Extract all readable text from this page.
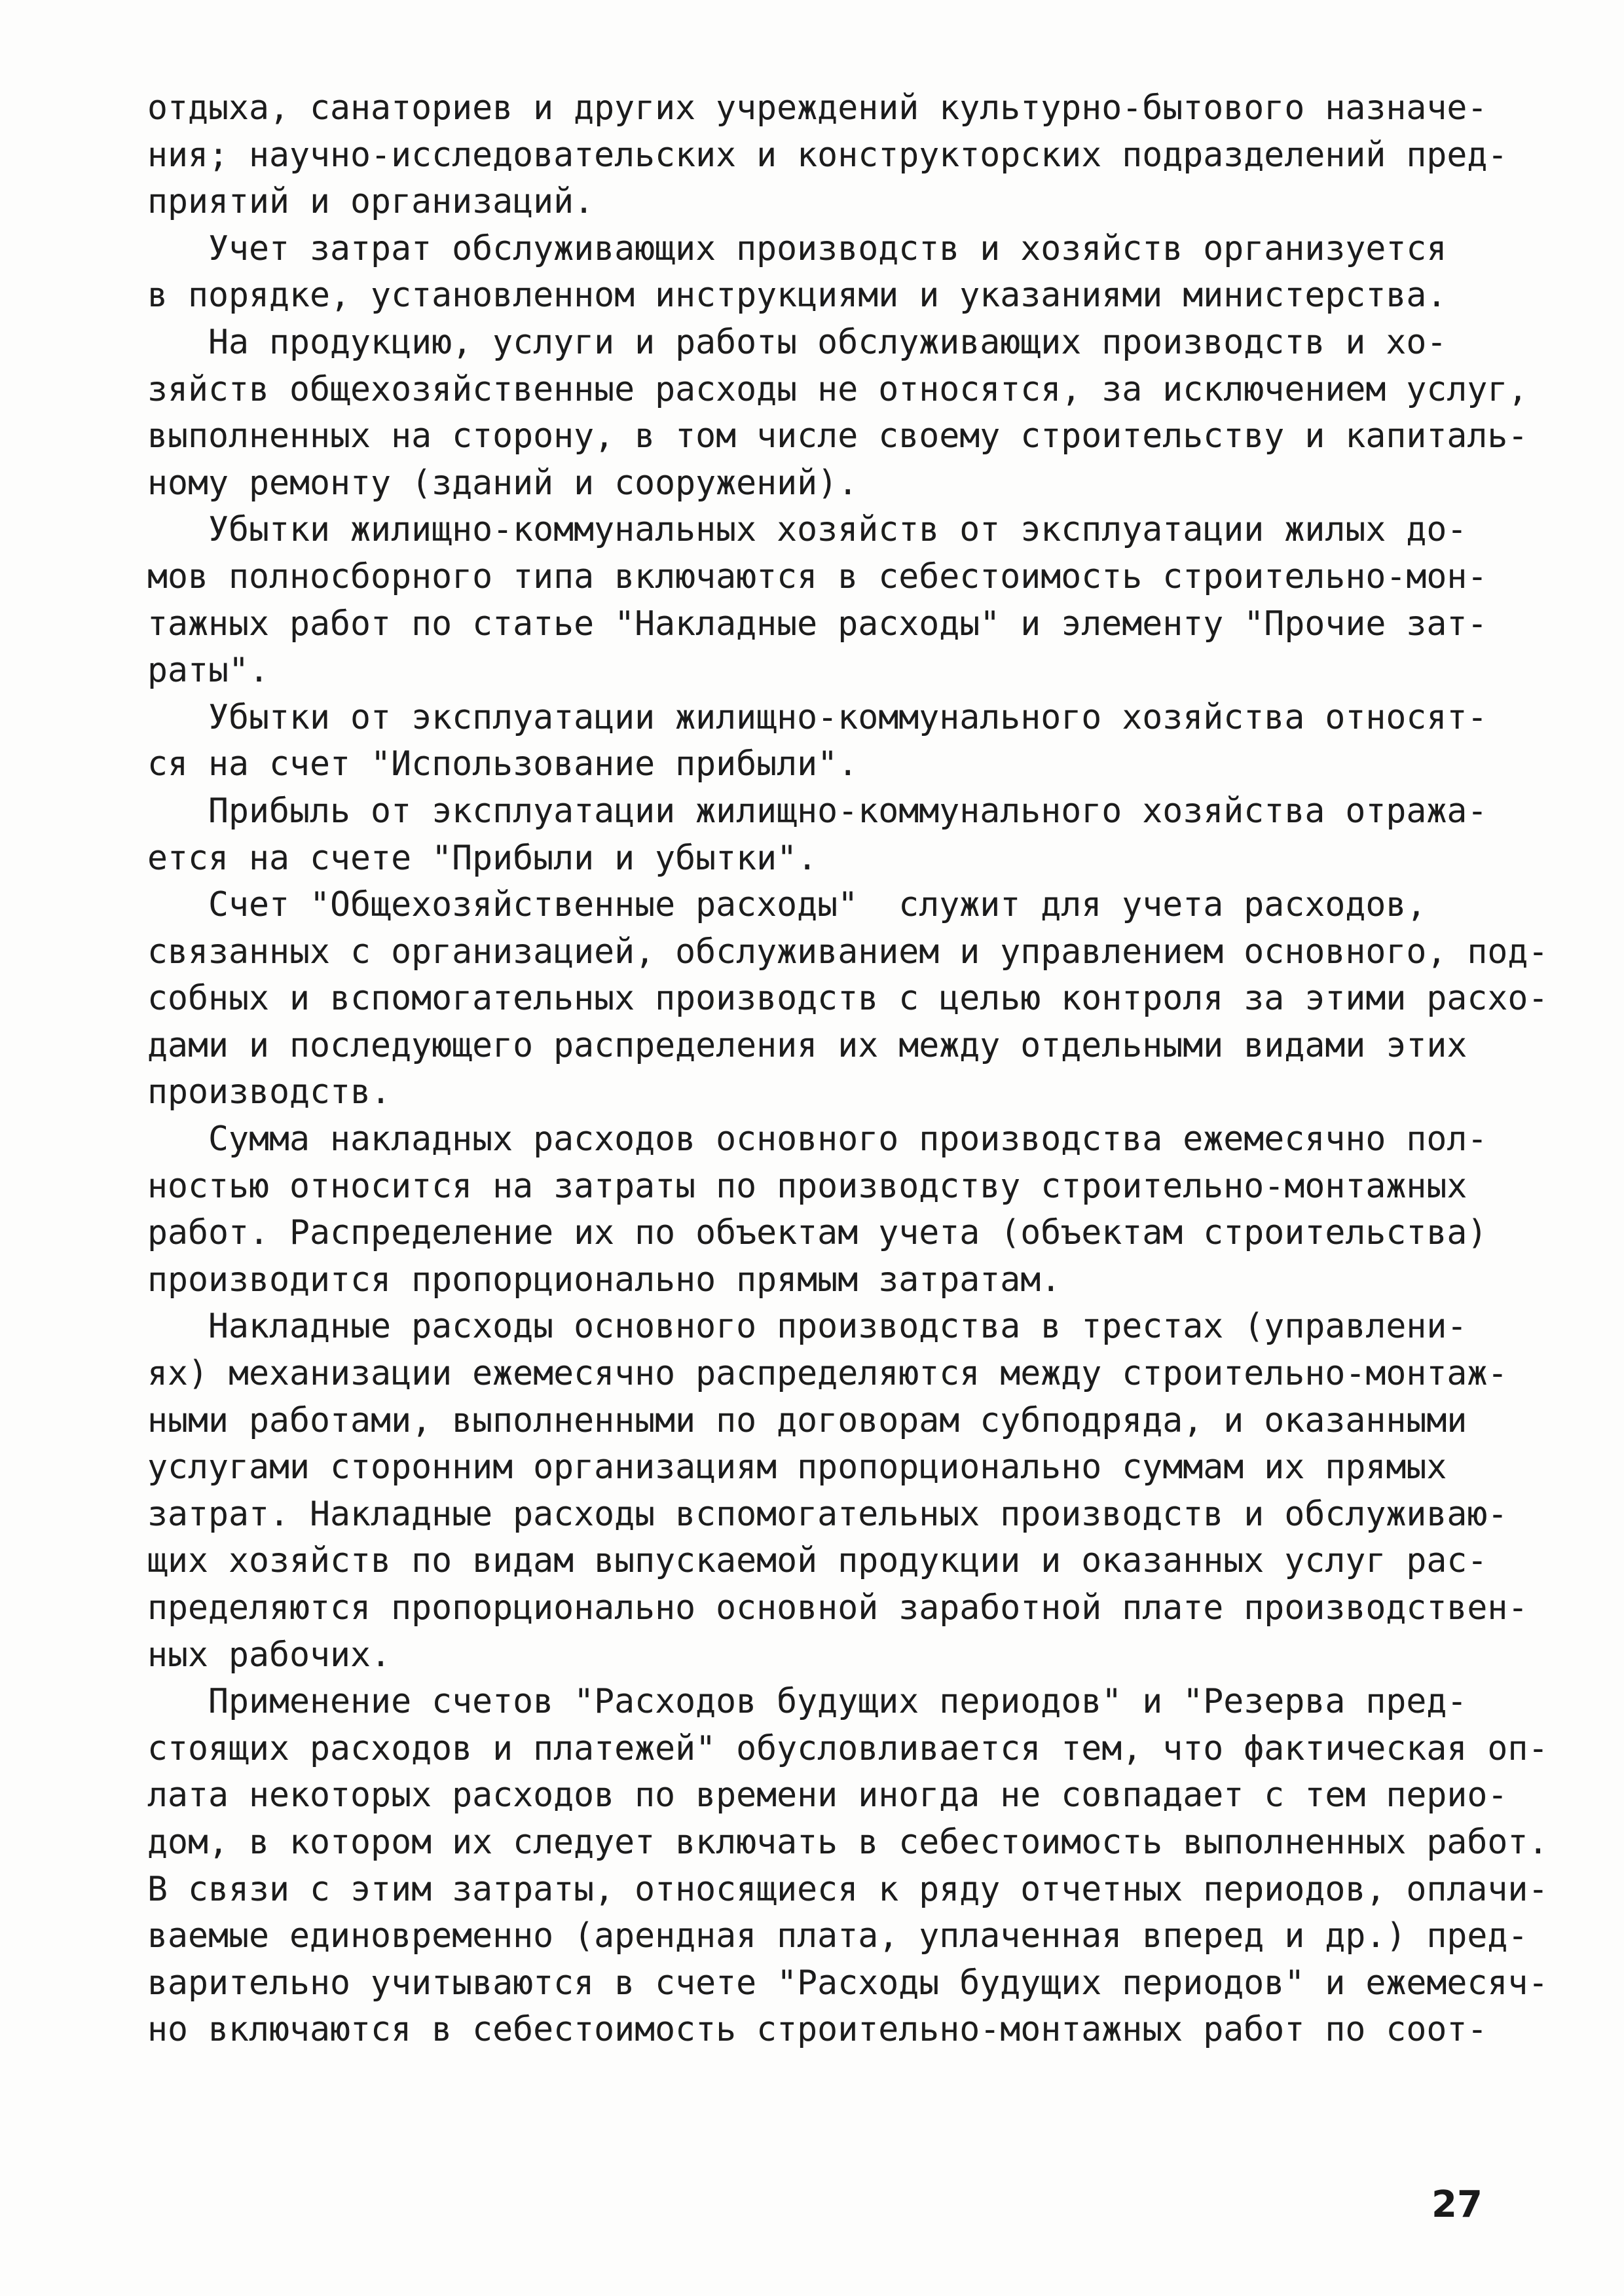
отдыха, санаториев и других учреждений культурно-бытового назначе-
ния; научно-исследовательских и конструкторских подразделений пред-
приятий и организаций.
Учет затрат обслуживающих производств и хозяйств организуется
в порядке, установленном инструкциями и указаниями министерства.
На продукцию, услуги и работы обслуживающих производств и хо-
зяйств общехозяйственные расходы не относятся, за исключением услуг,
выполненных на сторону, в том числе своему строительству и капиталь-
ному ремонту (зданий и сооружений).
Убытки жилищно-коммунальных хозяйств от эксплуатации жилых до-
мов полносборного типа включаются в себестоимость строительно-мон-
тажных работ по статье "Накладные расходы" и элементу "Прочие зат-
раты".
Убытки от эксплуатации жилищно-коммунального хозяйства относят-
ся на счет "Использование прибыли".
Прибыль от эксплуатации жилищно-коммунального хозяйства отража-
ется на счете "Прибыли и убытки".
Счет "Общехозяйственные расходы"  служит для учета расходов,
связанных с организацией, обслуживанием и управлением основного, под-
собных и вспомогательных производств с целью контроля за этими расхо-
дами и последующего распределения их между отдельными видами этих
производств.
Сумма накладных расходов основного производства ежемесячно пол-
ностью относится на затраты по производству строительно-монтажных
работ. Распределение их по объектам учета (объектам строительства)
производится пропорционально прямым затратам.
Накладные расходы основного производства в трестах (управлени-
ях) механизации ежемесячно распределяются между строительно-монтаж-
ными работами, выполненными по договорам субподряда, и оказанными
услугами сторонним организациям пропорционально суммам их прямых
затрат. Накладные расходы вспомогательных производств и обслуживаю-
щих хозяйств по видам выпускаемой продукции и оказанных услуг рас-
пределяются пропорционально основной заработной плате производствен-
ных рабочих.
Применение счетов "Расходов будущих периодов" и "Резерва пред-
стоящих расходов и платежей" обусловливается тем, что фактическая оп-
лата некоторых расходов по времени иногда не совпадает с тем перио-
дом, в котором их следует включать в себестоимость выполненных работ.
В связи с этим затраты, относящиеся к ряду отчетных периодов, оплачи-
ваемые единовременно (арендная плата, уплаченная вперед и др.) пред-
варительно учитываются в счете "Расходы будущих периодов" и ежемесяч-
но включаются в себестоимость строительно-монтажных работ по соот-
27
